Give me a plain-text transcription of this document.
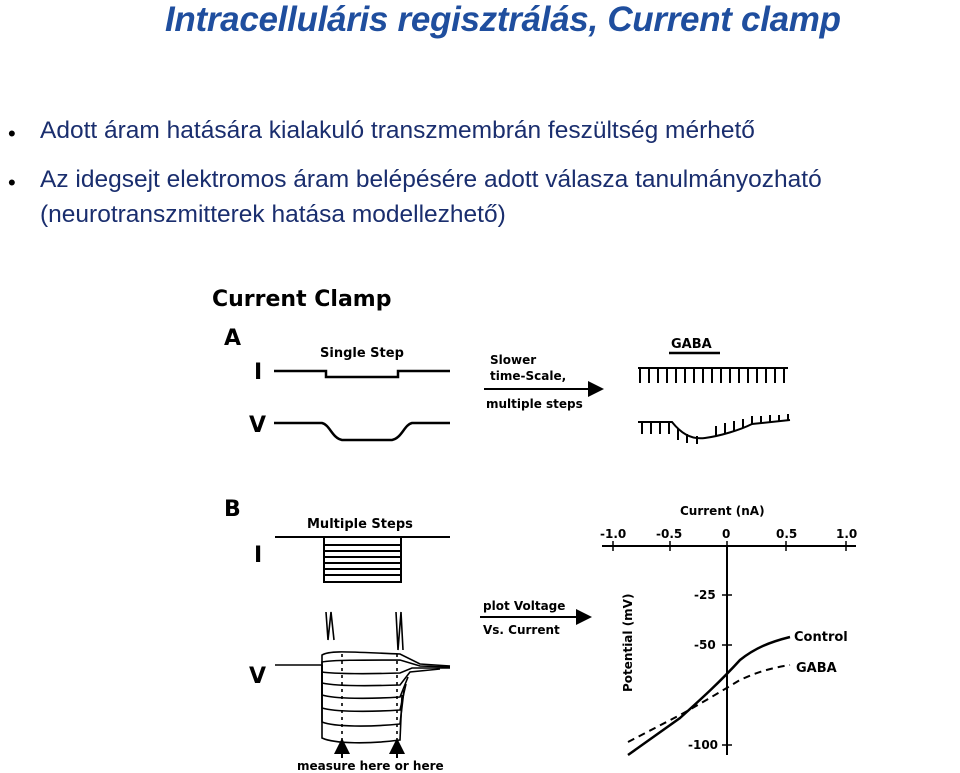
Intracelluláris regisztrálás, Current clamp
• Adott áram hatására kialakuló transzmembrán feszültség mérhető
• Az idegsejt elektromos áram belépésére adott válasza tanulmányozható
(neurotranszmitterek hatása modellezhető)
Current Clamp
A
I
V
Single Step	Slower
time-Scale,
multiple steps
GABA
B
I
V
Multiple Steps
measure here or here
plot Voltage
Vs. Current
Current (nA)
-1.0 -0.5	0	0.5	1.0
-25
-50
-100
Potential (mV)	Control
GABA
